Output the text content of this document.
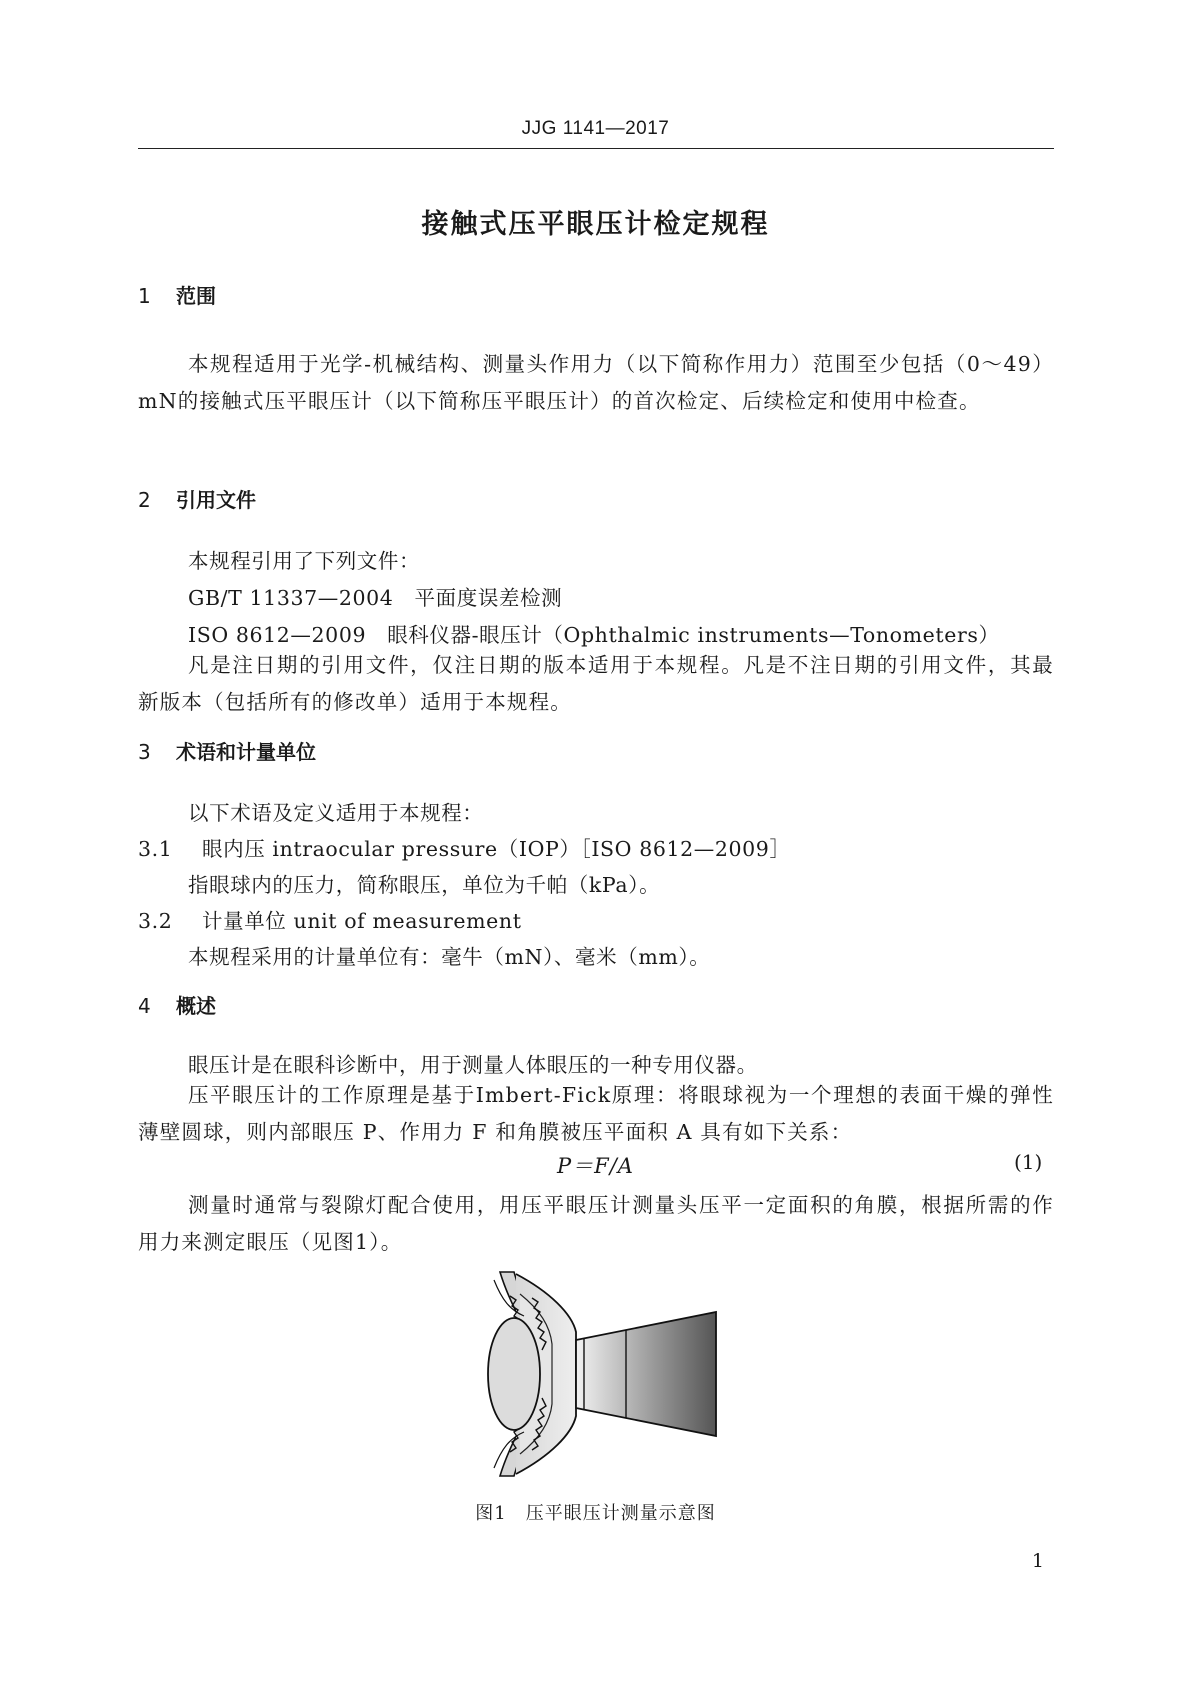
JJG 1141—2017
接触式压平眼压计检定规程
1 范围
本规程适用于光学-机械结构、测量头作用力（以下简称作用力）范围至少包括（0～49）mN的接触式压平眼压计（以下简称压平眼压计）的首次检定、后续检定和使用中检查。
2 引用文件
本规程引用了下列文件：
GB/T 11337—2004　平面度误差检测
ISO 8612—2009　眼科仪器-眼压计（Ophthalmic instruments—Tonometers）
凡是注日期的引用文件，仅注日期的版本适用于本规程。凡是不注日期的引用文件，其最新版本（包括所有的修改单）适用于本规程。
3 术语和计量单位
以下术语及定义适用于本规程：
3.1 眼内压 intraocular pressure（IOP）［ISO 8612—2009］
指眼球内的压力，简称眼压，单位为千帕（kPa）。
3.2 计量单位 unit of measurement
本规程采用的计量单位有：毫牛（mN）、毫米（mm）。
4 概述
眼压计是在眼科诊断中，用于测量人体眼压的一种专用仪器。
压平眼压计的工作原理是基于Imbert-Fick原理：将眼球视为一个理想的表面干燥的弹性薄壁圆球，则内部眼压 P、作用力 F 和角膜被压平面积 A 具有如下关系：
P＝F/A	(1)
测量时通常与裂隙灯配合使用，用压平眼压计测量头压平一定面积的角膜，根据所需的作用力来测定眼压（见图1）。
图1　压平眼压计测量示意图
1
